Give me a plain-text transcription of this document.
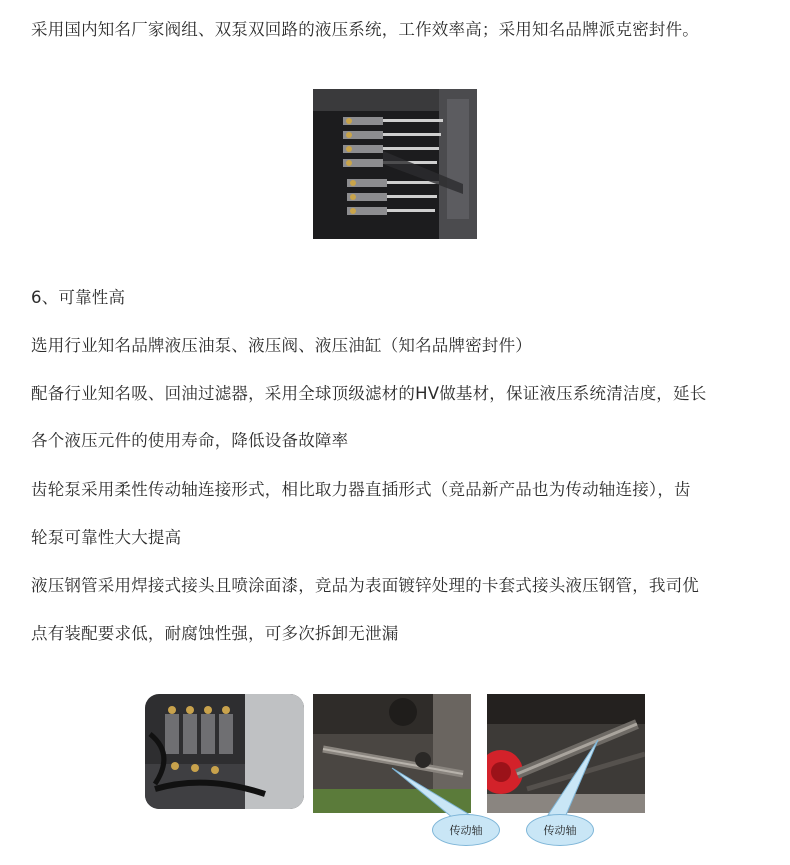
采用国内知名厂家阀组、双泵双回路的液压系统，工作效率高；采用知名品牌派克密封件。

6、可靠性高

选用行业知名品牌液压油泵、液压阀、液压油缸（知名品牌密封件）

配备行业知名吸、回油过滤器，采用全球顶级滤材的HV做基材，保证液压系统清洁度，延长

各个液压元件的使用寿命，降低设备故障率

齿轮泵采用柔性传动轴连接形式，相比取力器直插形式（竞品新产品也为传动轴连接），齿

轮泵可靠性大大提高

液压钢管采用焊接式接头且喷涂面漆，竞品为表面镀锌处理的卡套式接头液压钢管，我司优

点有装配要求低，耐腐蚀性强，可多次拆卸无泄漏

传动轴	传动轴
